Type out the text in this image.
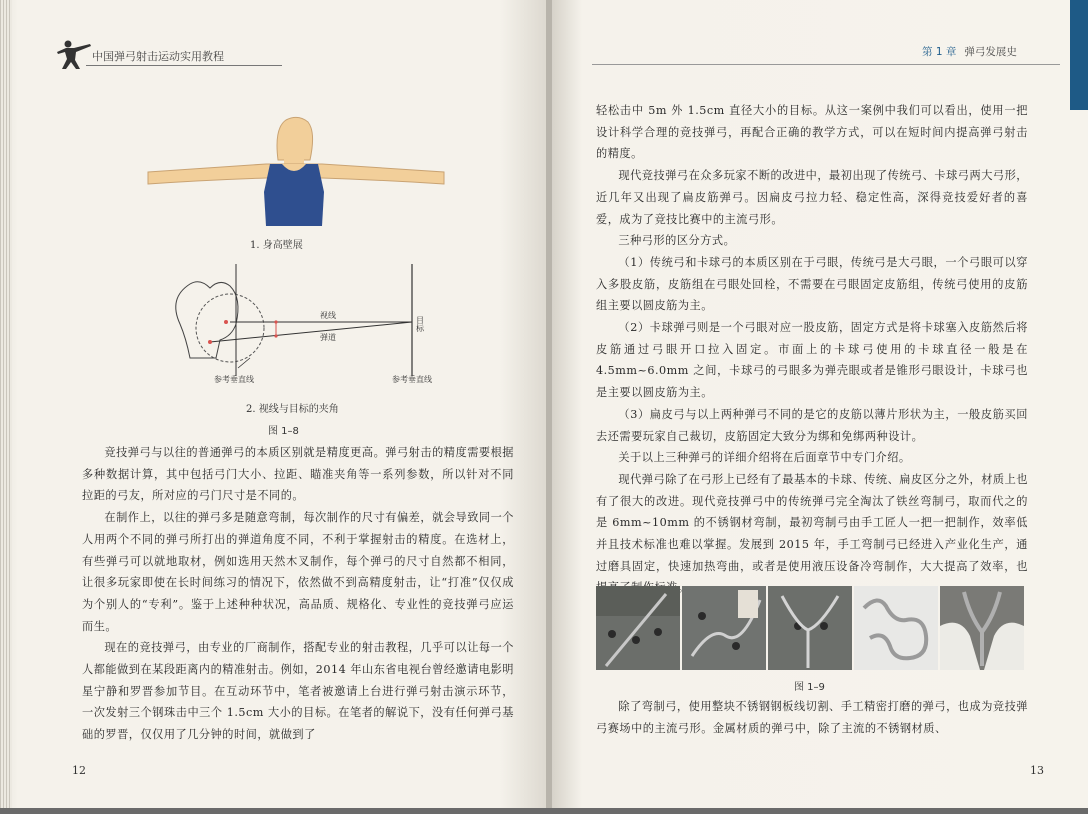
中国弹弓射击运动实用教程
1. 身高壁展
视线
弹道
目标
参考垂直线	参考垂直线
2. 视线与目标的夹角
图 1–8

竞技弹弓与以往的普通弹弓的本质区别就是精度更高。弹弓射击的精度需要根据多种数据计算，其中包括弓门大小、拉距、瞄准夹角等一系列参数，所以针对不同拉距的弓友，所对应的弓门尺寸是不同的。

在制作上，以往的弹弓多是随意弯制，每次制作的尺寸有偏差，就会导致同一个人用两个不同的弹弓所打出的弹道角度不同，不利于掌握射击的精度。在选材上，有些弹弓可以就地取材，例如选用天然木叉制作，每个弹弓的尺寸自然都不相同，让很多玩家即使在长时间练习的情况下，依然做不到高精度射击，让“打准”仅仅成为个别人的“专利”。鉴于上述种种状况，高品质、规格化、专业性的竞技弹弓应运而生。

现在的竞技弹弓，由专业的厂商制作，搭配专业的射击教程，几乎可以让每一个人都能做到在某段距离内的精准射击。例如，2014 年山东省电视台曾经邀请电影明星宁静和罗晋参加节目。在互动环节中，笔者被邀请上台进行弹弓射击演示环节，一次发射三个钢珠击中三个 1.5cm 大小的目标。在笔者的解说下，没有任何弹弓基础的罗晋，仅仅用了几分钟的时间，就做到了

12
第 1 章 弹弓发展史

轻松击中 5m 外 1.5cm 直径大小的目标。从这一案例中我们可以看出，使用一把设计科学合理的竞技弹弓，再配合正确的教学方式，可以在短时间内提高弹弓射击的精度。

现代竞技弹弓在众多玩家不断的改进中，最初出现了传统弓、卡球弓两大弓形，近几年又出现了扁皮筋弹弓。因扁皮弓拉力轻、稳定性高，深得竞技爱好者的喜爱，成为了竞技比赛中的主流弓形。

三种弓形的区分方式。

（1）传统弓和卡球弓的本质区别在于弓眼，传统弓是大弓眼，一个弓眼可以穿入多股皮筋，皮筋组在弓眼处回栓，不需要在弓眼固定皮筋组，传统弓使用的皮筋组主要以圆皮筋为主。

（2）卡球弹弓则是一个弓眼对应一股皮筋，固定方式是将卡球塞入皮筋然后将皮筋通过弓眼开口拉入固定。市面上的卡球弓使用的卡球直径一般是在 4.5mm~6.0mm 之间，卡球弓的弓眼多为弹壳眼或者是锥形弓眼设计，卡球弓也是主要以圆皮筋为主。

（3）扁皮弓与以上两种弹弓不同的是它的皮筋以薄片形状为主，一般皮筋买回去还需要玩家自己裁切，皮筋固定大致分为绑和免绑两种设计。

关于以上三种弹弓的详细介绍将在后面章节中专门介绍。

现代弹弓除了在弓形上已经有了最基本的卡球、传统、扁皮区分之外，材质上也有了很大的改进。现代竞技弹弓中的传统弹弓完全淘汰了铁丝弯制弓，取而代之的是 6mm~10mm 的不锈钢材弯制，最初弯制弓由手工匠人一把一把制作，效率低并且技术标准也难以掌握。发展到 2015 年，手工弯制弓已经进入产业化生产，通过磨具固定，快速加热弯曲，或者是使用液压设备冷弯制作，大大提高了效率，也

图 1–9

除了弯制弓，使用整块不锈钢钢板线切割、手工精密打磨的弹弓，也成为竞技弹弓赛场中的主流弓形。金属材质的弹弓中，除了主流的不锈钢材质、

13
